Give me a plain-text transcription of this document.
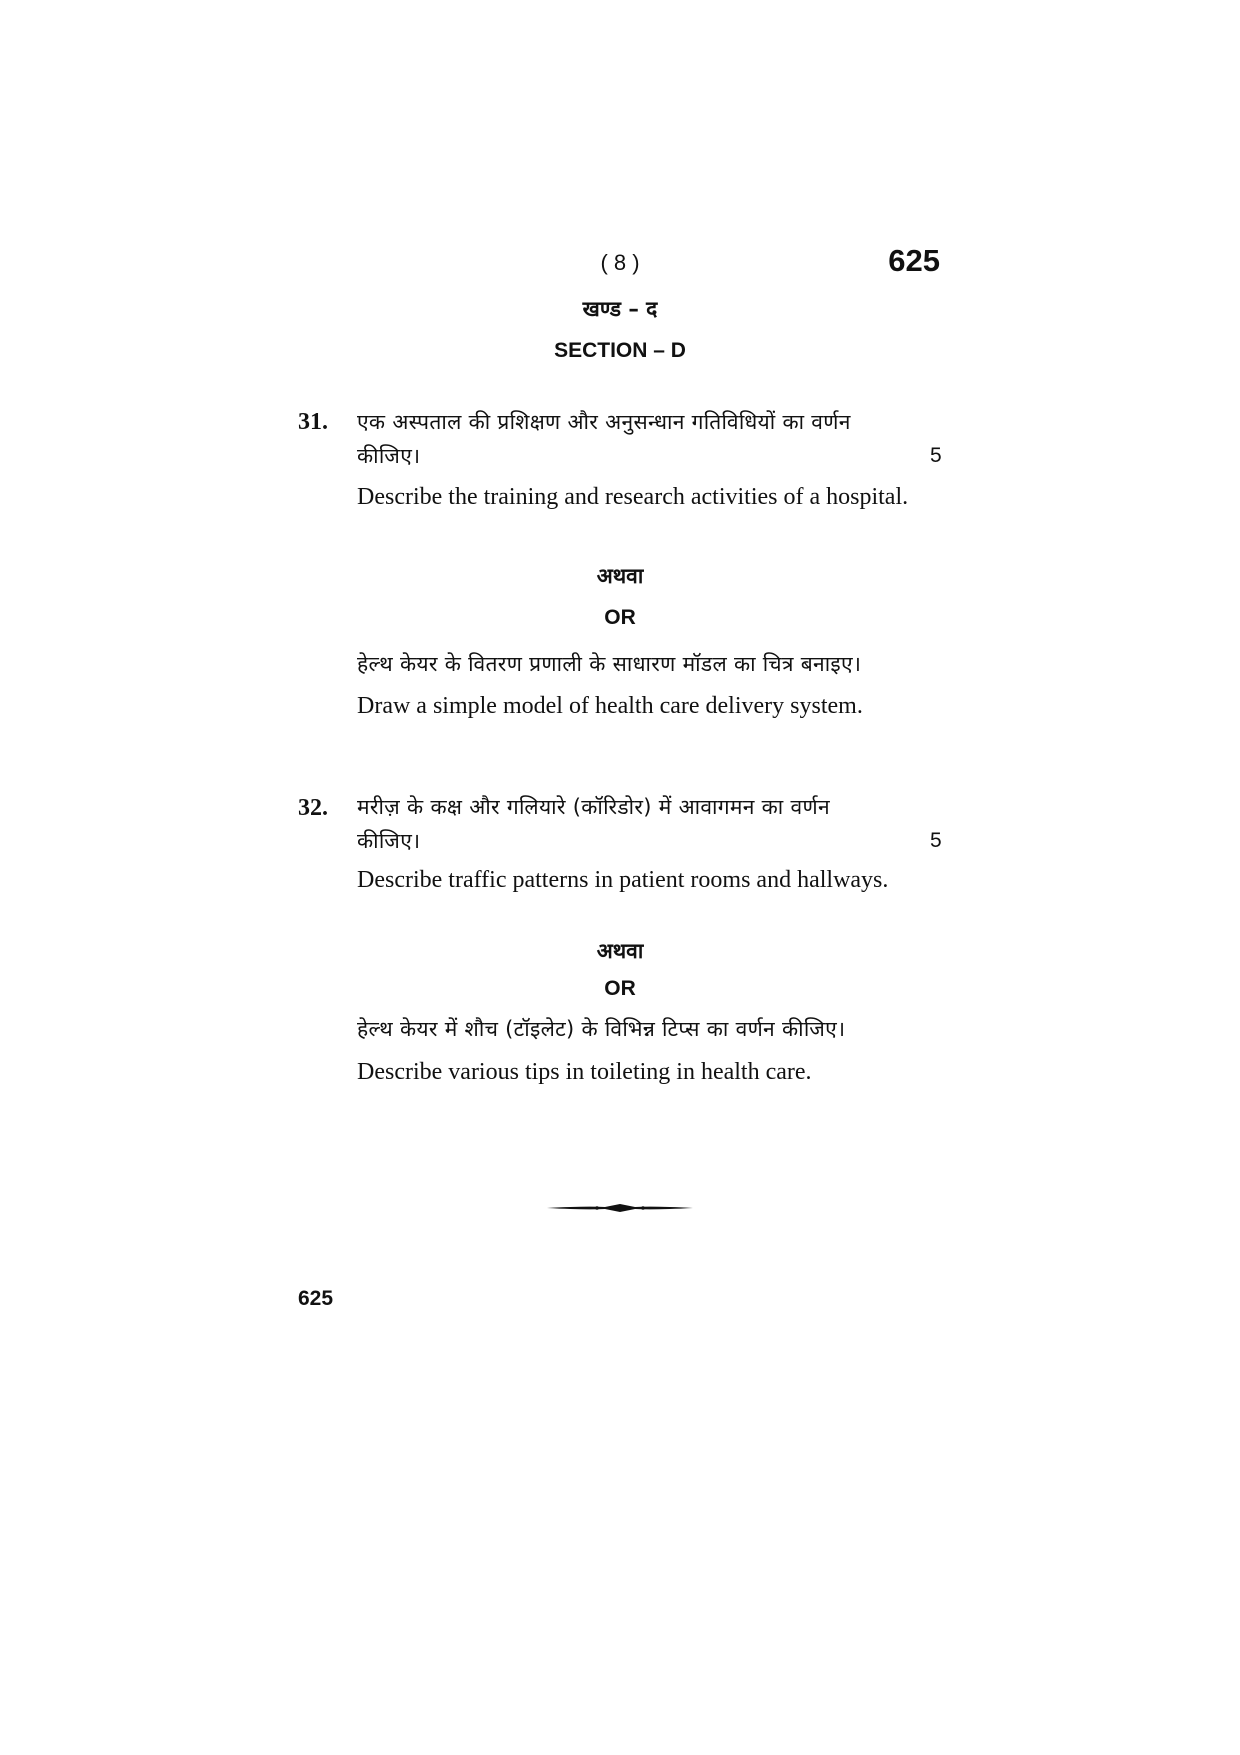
( 8 )	625
खण्ड – द
SECTION – D
31. एक अस्पताल की प्रशिक्षण और अनुसन्धान गतिविधियों का वर्णन
कीजिए।	5
Describe the training and research activities of a hospital.
अथवा
OR
हेल्थ केयर के वितरण प्रणाली के साधारण मॉडल का चित्र बनाइए।
Draw a simple model of health care delivery system.
32. मरीज़ के कक्ष और गलियारे (कॉरिडोर) में आवागमन का वर्णन
कीजिए।	5
Describe traffic patterns in patient rooms and hallways.
अथवा
OR
हेल्थ केयर में शौच (टॉइलेट) के विभिन्न टिप्स का वर्णन कीजिए।
Describe various tips in toileting in health care.
625
